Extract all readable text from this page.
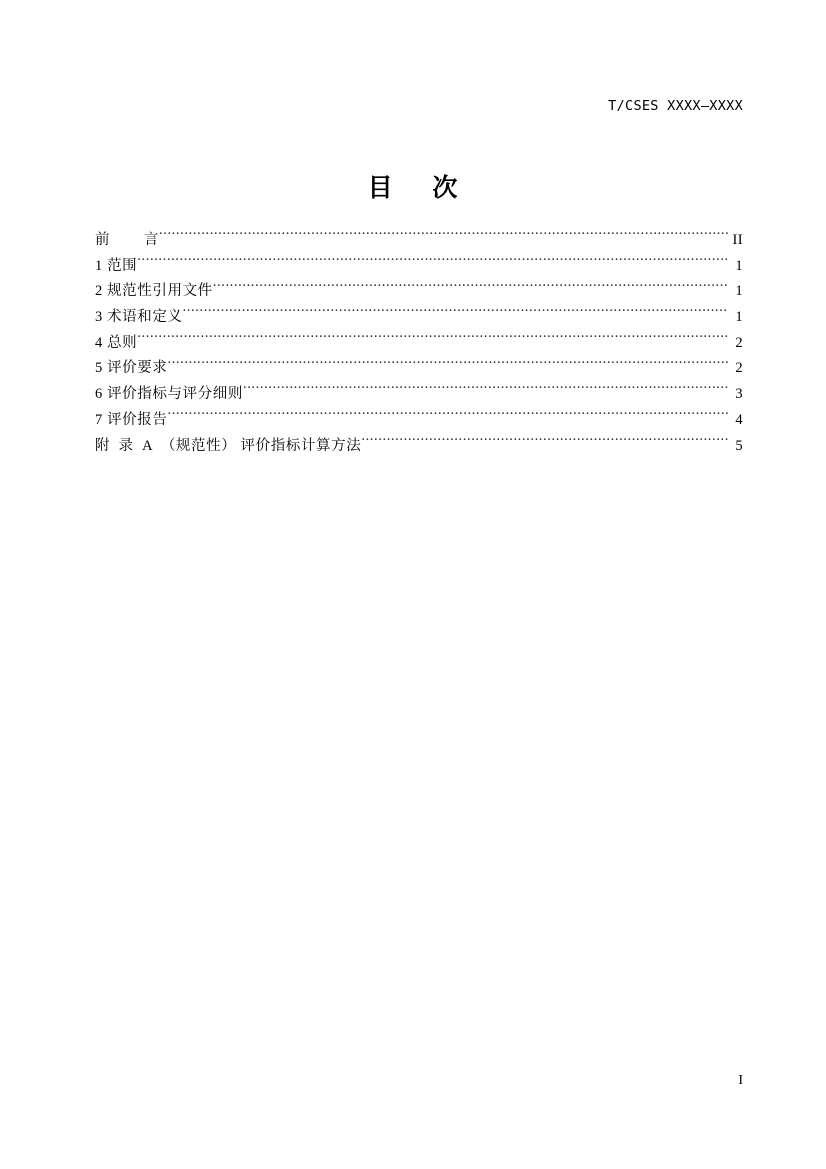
T/CSES XXXX—XXXX
目    次
前        言 .....	II
1 范围 .....	1
2 规范性引用文件 .....	1
3 术语和定义 .....	1
4 总则 .....	2
5 评价要求 .....	2
6 评价指标与评分细则 .....	3
7 评价报告 .....	4
附  录  A  （规范性） 评价指标计算方法 .....	5
I
